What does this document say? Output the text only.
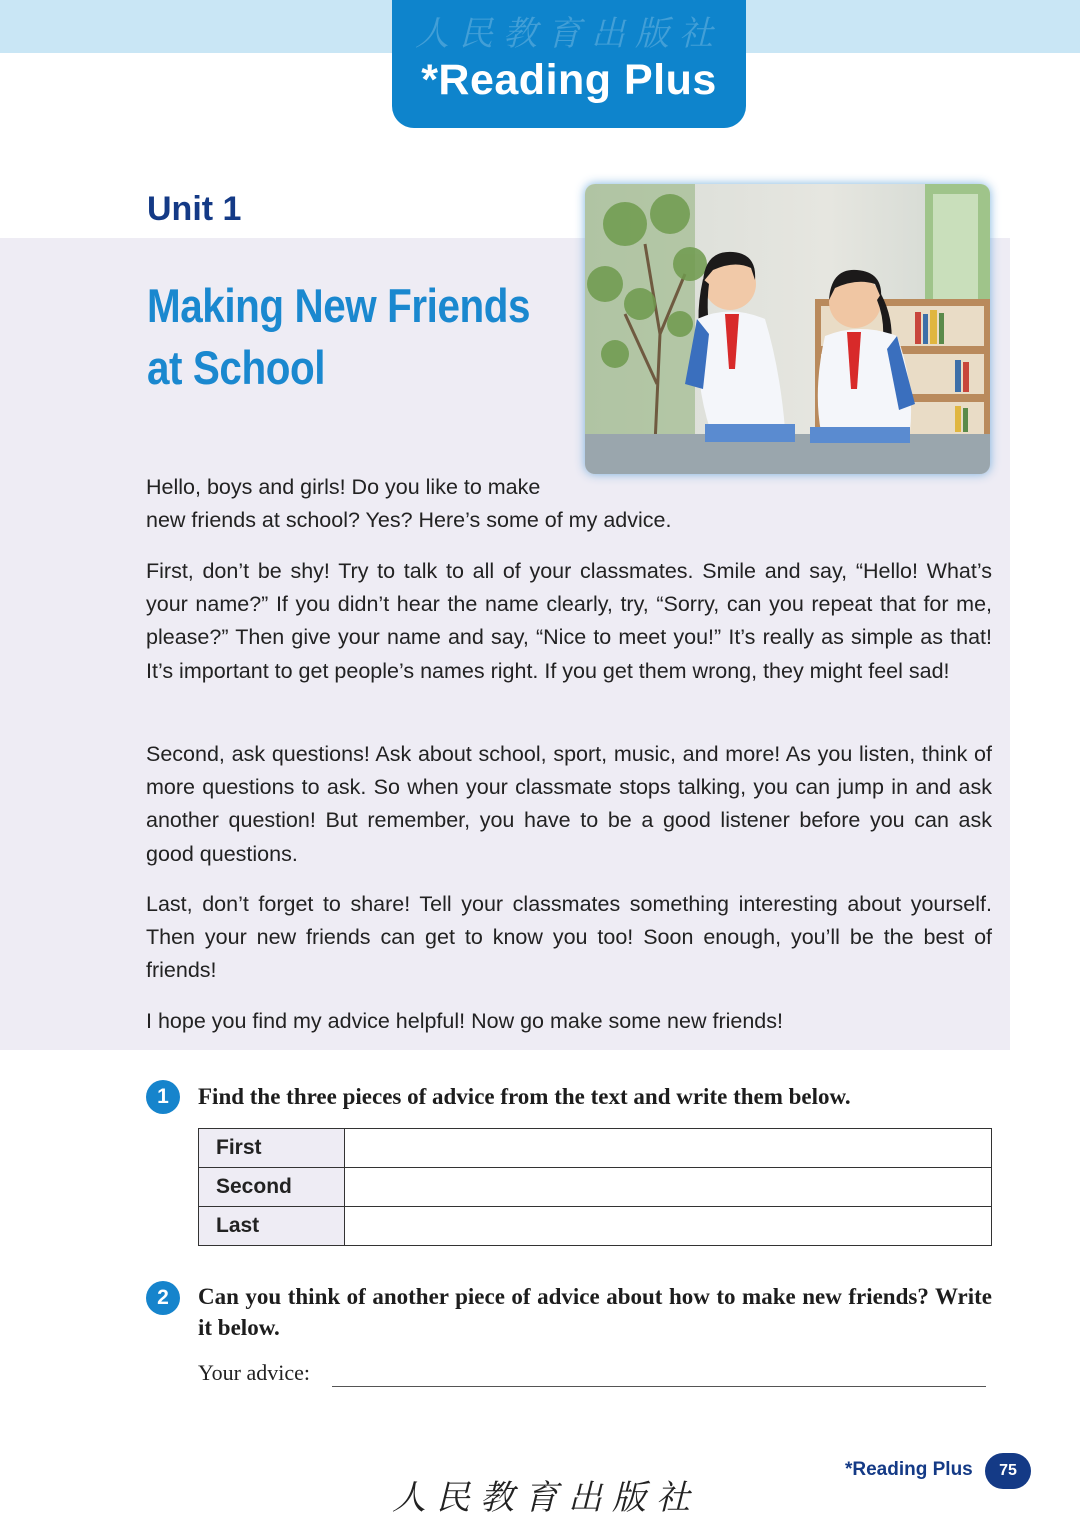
人民教育出版社
*Reading Plus
Unit 1
Making New Friends
at School

Hello, boys and girls! Do you like to make

new friends at school? Yes? Here’s some of my advice.

First, don’t be shy! Try to talk to all of your classmates. Smile and say, “Hello! What’s your name?” If you didn’t hear the name clearly, try, “Sorry, can you repeat that for me, please?” Then give your name and say, “Nice to meet you!” It’s really as simple as that! It’s important to get people’s names right. If you get them wrong, they might feel sad!

Second, ask questions! Ask about school, sport, music, and more! As you listen, think of more questions to ask. So when your classmate stops talking, you can jump in and ask another question! But remember, you have to be a good listener before you can ask good questions.

Last, don’t forget to share! Tell your classmates something interesting about yourself. Then your new friends can get to know you too! Soon enough, you’ll be the best of friends!

I hope you find my advice helpful! Now go make some new friends!

1	Find the three pieces of advice from the text and write them below.
First	
Second	
Last	
2	Can you think of another piece of advice about how to make new friends? Write it below.
Your advice:
人民教育出版社
*Reading Plus	75
